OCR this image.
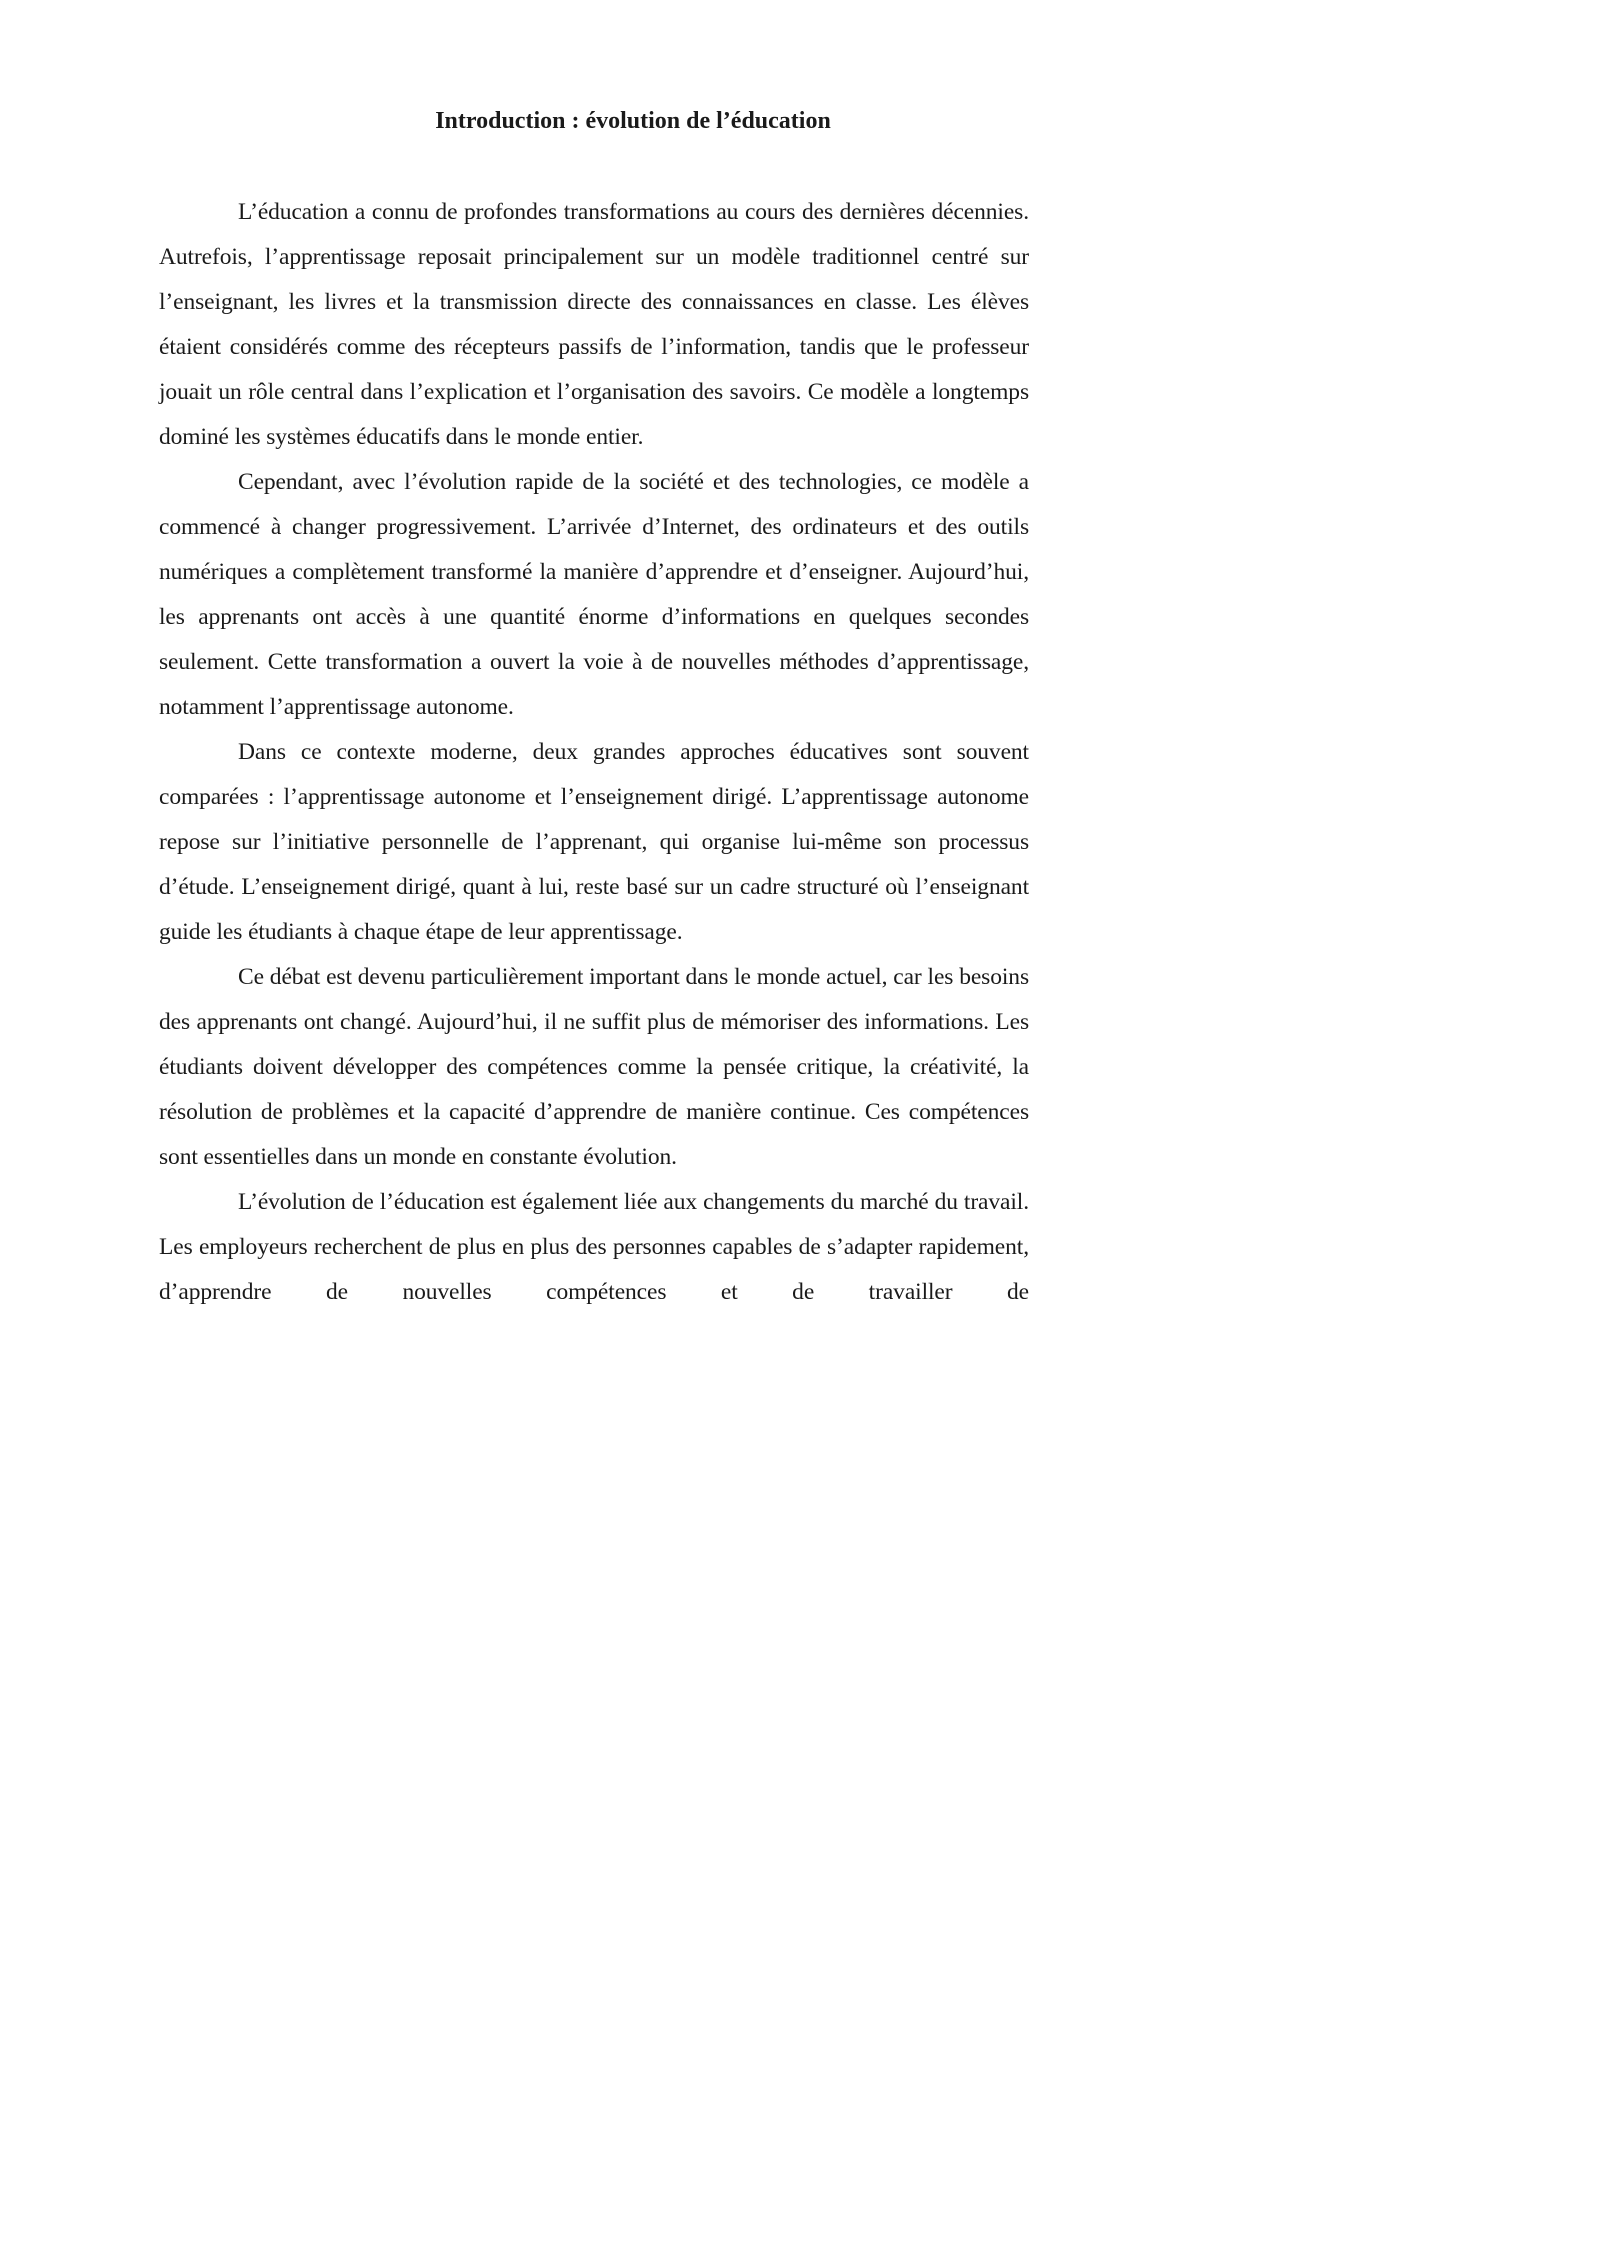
Introduction : évolution de l’éducation

L’éducation a connu de profondes transformations au cours des dernières décennies. Autrefois, l’apprentissage reposait principalement sur un modèle traditionnel centré sur l’enseignant, les livres et la transmission directe des connaissances en classe. Les élèves étaient considérés comme des récepteurs passifs de l’information, tandis que le professeur jouait un rôle central dans l’explication et l’organisation des savoirs. Ce modèle a longtemps dominé les systèmes éducatifs dans le monde entier.

Cependant, avec l’évolution rapide de la société et des technologies, ce modèle a commencé à changer progressivement. L’arrivée d’Internet, des ordinateurs et des outils numériques a complètement transformé la manière d’apprendre et d’enseigner. Aujourd’hui, les apprenants ont accès à une quantité énorme d’informations en quelques secondes seulement. Cette transformation a ouvert la voie à de nouvelles méthodes d’apprentissage, notamment l’apprentissage autonome.

Dans ce contexte moderne, deux grandes approches éducatives sont souvent comparées : l’apprentissage autonome et l’enseignement dirigé. L’apprentissage autonome repose sur l’initiative personnelle de l’apprenant, qui organise lui-même son processus d’étude. L’enseignement dirigé, quant à lui, reste basé sur un cadre structuré où l’enseignant guide les étudiants à chaque étape de leur apprentissage.

Ce débat est devenu particulièrement important dans le monde actuel, car les besoins des apprenants ont changé. Aujourd’hui, il ne suffit plus de mémoriser des informations. Les étudiants doivent développer des compétences comme la pensée critique, la créativité, la résolution de problèmes et la capacité d’apprendre de manière continue. Ces compétences sont essentielles dans un monde en constante évolution.

L’évolution de l’éducation est également liée aux changements du marché du travail. Les employeurs recherchent de plus en plus des personnes capables de s’adapter rapidement, d’apprendre de nouvelles compétences et de travailler de
